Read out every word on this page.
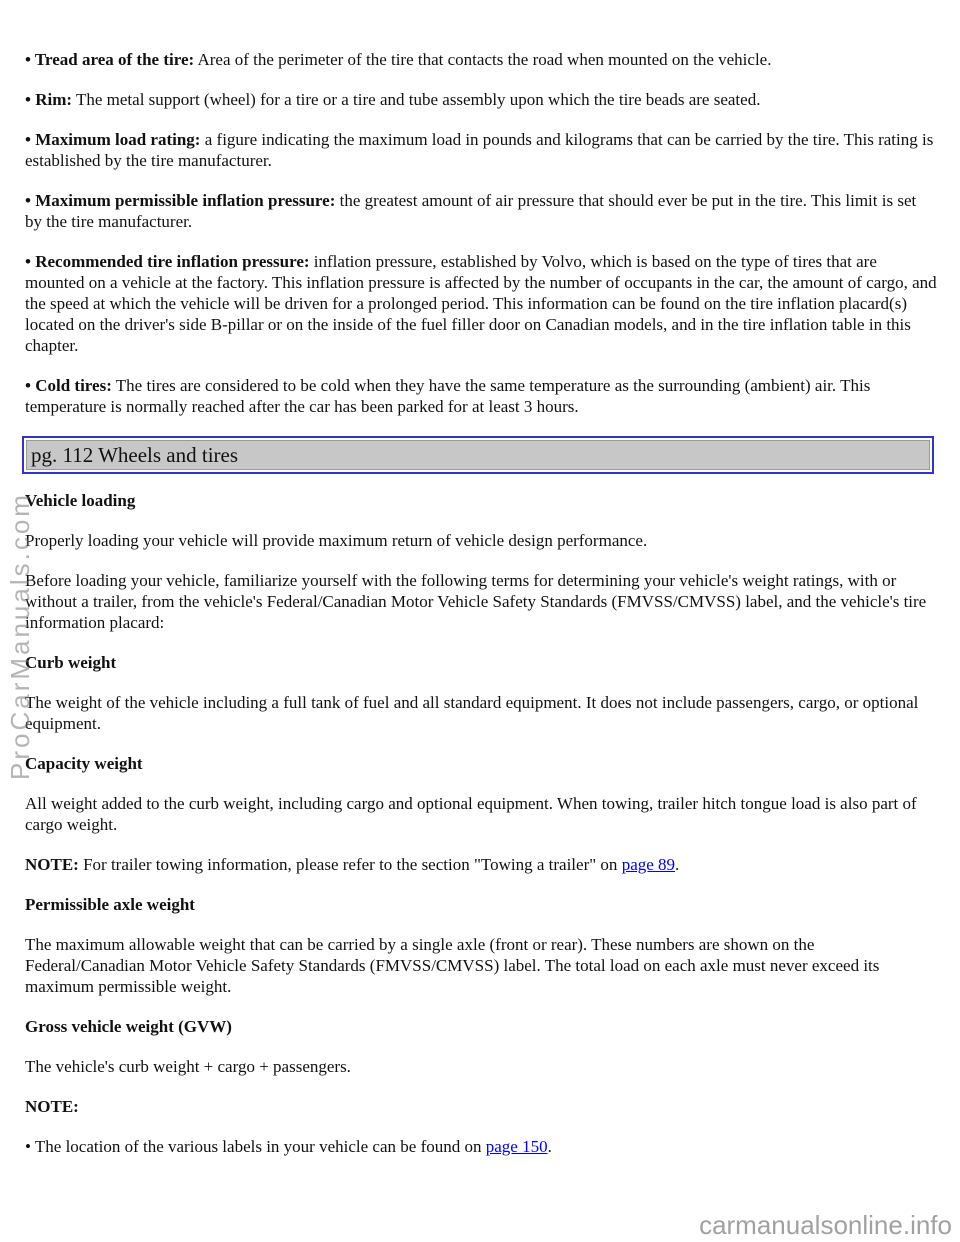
• Tread area of the tire: Area of the perimeter of the tire that contacts the road when mounted on the vehicle.

• Rim: The metal support (wheel) for a tire or a tire and tube assembly upon which the tire beads are seated.

• Maximum load rating: a figure indicating the maximum load in pounds and kilograms that can be carried by the tire. This rating is established by the tire manufacturer.

• Maximum permissible inflation pressure: the greatest amount of air pressure that should ever be put in the tire. This limit is set by the tire manufacturer.

• Recommended tire inflation pressure: inflation pressure, established by Volvo, which is based on the type of tires that are mounted on a vehicle at the factory. This inflation pressure is affected by the number of occupants in the car, the amount of cargo, and the speed at which the vehicle will be driven for a prolonged period. This information can be found on the tire inflation placard(s) located on the driver's side B-pillar or on the inside of the fuel filler door on Canadian models, and in the tire inflation table in this chapter.

• Cold tires: The tires are considered to be cold when they have the same temperature as the surrounding (ambient) air. This temperature is normally reached after the car has been parked for at least 3 hours.

pg. 112 Wheels and tires

Vehicle loading

Properly loading your vehicle will provide maximum return of vehicle design performance.

Before loading your vehicle, familiarize yourself with the following terms for determining your vehicle's weight ratings, with or without a trailer, from the vehicle's Federal/Canadian Motor Vehicle Safety Standards (FMVSS/CMVSS) label, and the vehicle's tire information placard:

Curb weight

The weight of the vehicle including a full tank of fuel and all standard equipment. It does not include passengers, cargo, or optional equipment.

Capacity weight

All weight added to the curb weight, including cargo and optional equipment. When towing, trailer hitch tongue load is also part of cargo weight.

NOTE: For trailer towing information, please refer to the section "Towing a trailer" on page 89.

Permissible axle weight

The maximum allowable weight that can be carried by a single axle (front or rear). These numbers are shown on the Federal/Canadian Motor Vehicle Safety Standards (FMVSS/CMVSS) label. The total load on each axle must never exceed its maximum permissible weight.

Gross vehicle weight (GVW)

The vehicle's curb weight + cargo + passengers.

NOTE:

• The location of the various labels in your vehicle can be found on page 150.

ProCarManuals.com
carmanualsonline.info
